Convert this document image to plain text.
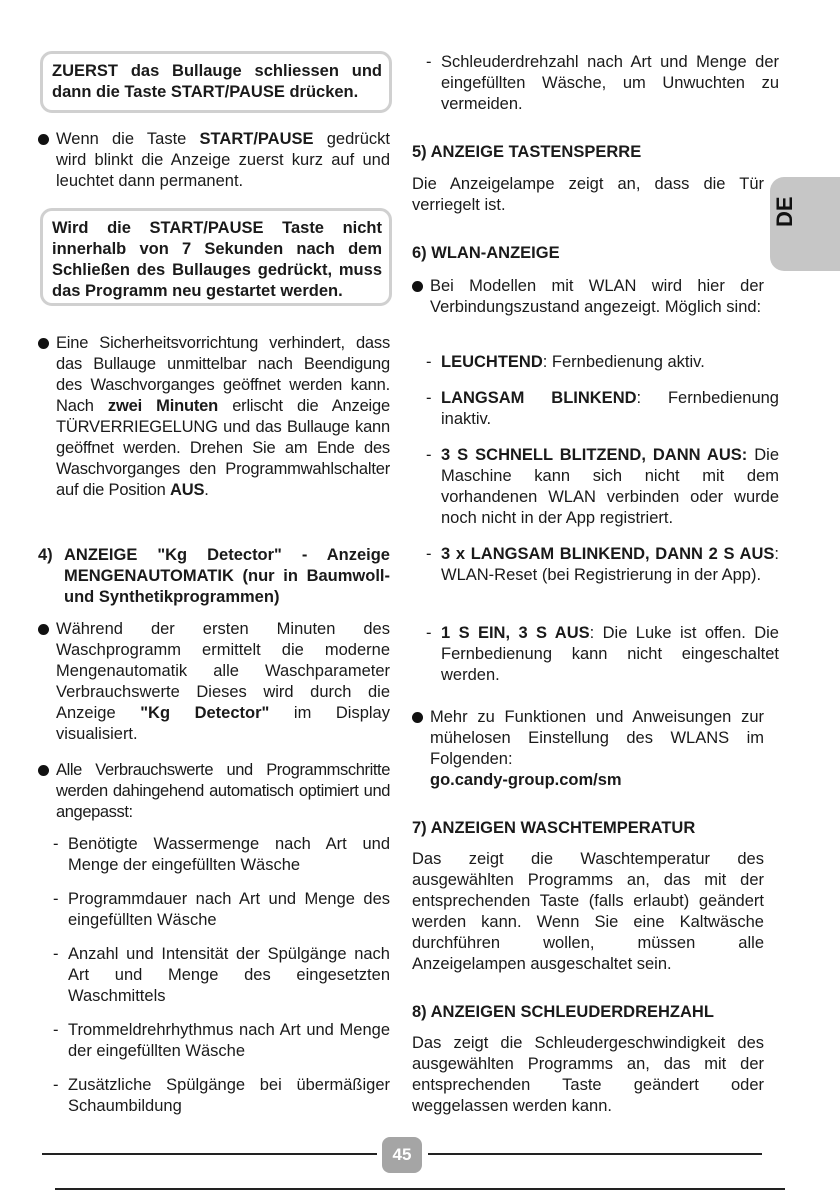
ZUERST das Bullauge schliessen und dann die Taste START/PAUSE drücken.
Wenn die Taste START/PAUSE gedrückt wird blinkt die Anzeige zuerst kurz auf und leuchtet dann permanent.
Wird die START/PAUSE Taste nicht innerhalb von 7 Sekunden nach dem Schließen des Bullauges gedrückt, muss das Programm neu gestartet werden.
Eine Sicherheitsvorrichtung verhindert, dass das Bullauge unmittelbar nach Beendigung des Waschvorganges geöffnet werden kann. Nach zwei Minuten erlischt die Anzeige TÜRVERRIEGELUNG und das Bullauge kann geöffnet werden. Drehen Sie am Ende des Waschvorganges den Programmwahlschalter auf die Position AUS.
4) ANZEIGE "Kg Detector" - Anzeige MENGENAUTOMATIK (nur in Baumwoll- und Synthetikprogrammen)
Während der ersten Minuten des Waschprogramm ermittelt die moderne Mengenautomatik alle Waschparameter Verbrauchswerte Dieses wird durch die Anzeige "Kg Detector" im Display visualisiert.
Alle Verbrauchswerte und Programmschritte werden dahingehend automatisch optimiert und angepasst:
- Benötigte Wassermenge nach Art und Menge der eingefüllten Wäsche
- Programmdauer nach Art und Menge des eingefüllten Wäsche
- Anzahl und Intensität der Spülgänge nach Art und Menge des eingesetzten Waschmittels
- Trommeldrehrhythmus nach Art und Menge der eingefüllten Wäsche
- Zusätzliche Spülgänge bei übermäßiger Schaumbildung
- Schleuderdrehzahl nach Art und Menge der eingefüllten Wäsche, um Unwuchten zu vermeiden.
5) ANZEIGE TASTENSPERRE
Die Anzeigelampe zeigt an, dass die Tür verriegelt ist.
6) WLAN-ANZEIGE
Bei Modellen mit WLAN wird hier der Verbindungszustand angezeigt. Möglich sind:
- LEUCHTEND: Fernbedienung aktiv.
- LANGSAM BLINKEND: Fernbedienung inaktiv.
- 3 S SCHNELL BLITZEND, DANN AUS: Die Maschine kann sich nicht mit dem vorhandenen WLAN verbinden oder wurde noch nicht in der App registriert.
- 3 x LANGSAM BLINKEND, DANN 2 S AUS: WLAN-Reset (bei Registrierung in der App).
- 1 S EIN, 3 S AUS: Die Luke ist offen. Die Fernbedienung kann nicht eingeschaltet werden.
Mehr zu Funktionen und Anweisungen zur mühelosen Einstellung des WLANS im Folgenden:
go.candy-group.com/sm
7) ANZEIGEN WASCHTEMPERATUR
Das zeigt die Waschtemperatur des ausgewählten Programms an, das mit der entsprechenden Taste (falls erlaubt) geändert werden kann. Wenn Sie eine Kaltwäsche durchführen wollen, müssen alle Anzeigelampen ausgeschaltet sein.
8) ANZEIGEN SCHLEUDERDREHZAHL
Das zeigt die Schleudergeschwindigkeit des ausgewählten Programms an, das mit der entsprechenden Taste geändert oder weggelassen werden kann.
DE
45
